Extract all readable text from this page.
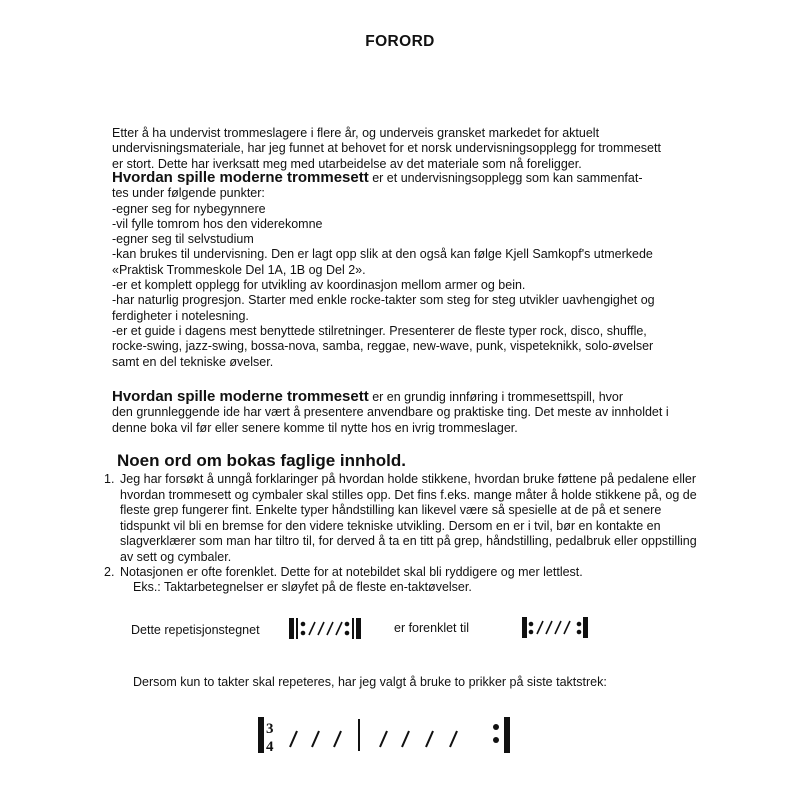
FORORD

Etter å ha undervist trommeslagere i flere år, og underveis gransket markedet for aktuelt
undervisningsmateriale, har jeg funnet at behovet for et norsk undervisningsopplegg for trommesett
er stort. Dette har iverksatt meg med utarbeidelse av det materiale som nå foreligger.

Hvordan spille moderne trommesett er et undervisningsopplegg som kan sammenfat-
tes under følgende punkter:
-egner seg for nybegynnere
-vil fylle tomrom hos den viderekomne
-egner seg til selvstudium
-kan brukes til undervisning. Den er lagt opp slik at den også kan følge Kjell Samkopf's utmerkede
«Praktisk Trommeskole Del 1A, 1B og Del 2».
-er et komplett opplegg for utvikling av koordinasjon mellom armer og bein.
-har naturlig progresjon. Starter med enkle rocke-takter som steg for steg utvikler uavhengighet og
ferdigheter i notelesning.
-er et guide i dagens mest benyttede stilretninger. Presenterer de fleste typer rock, disco, shuffle,
rocke-swing, jazz-swing, bossa-nova, samba, reggae, new-wave, punk, vispeteknikk, solo-øvelser
samt en del tekniske øvelser.

Hvordan spille moderne trommesett er en grundig innføring i trommesettspill, hvor
den grunnleggende ide har vært å presentere anvendbare og praktiske ting. Det meste av innholdet i
denne boka vil før eller senere komme til nytte hos en ivrig trommeslager.

Noen ord om bokas faglige innhold.
1. Jeg har forsøkt å unngå forklaringer på hvordan holde stikkene, hvordan bruke føttene på pedalene eller hvordan trommesett og cymbaler skal stilles opp. Det fins f.eks. mange måter å holde stikkene på, og de fleste grep fungerer fint. Enkelte typer håndstilling kan likevel være så spesielle at de på et senere tidspunkt vil bli en bremse for den videre tekniske utvikling. Dersom en er i tvil, bør en kontakte en slagverklærer som man har tiltro til, for derved å ta en titt på grep, håndstilling, pedalbruk eller oppstilling av sett og cymbaler.
2. Notasjonen er ofte forenklet. Dette for at notebildet skal bli ryddigere og mer lettlest.
Eks.: Taktarbetegnelser er sløyfet på de fleste en-taktøvelser.
Dette repetisjonstegnet	er forenklet til
Dersom kun to takter skal repeteres, har jeg valgt å bruke to prikker på siste taktstrek:
3
4
